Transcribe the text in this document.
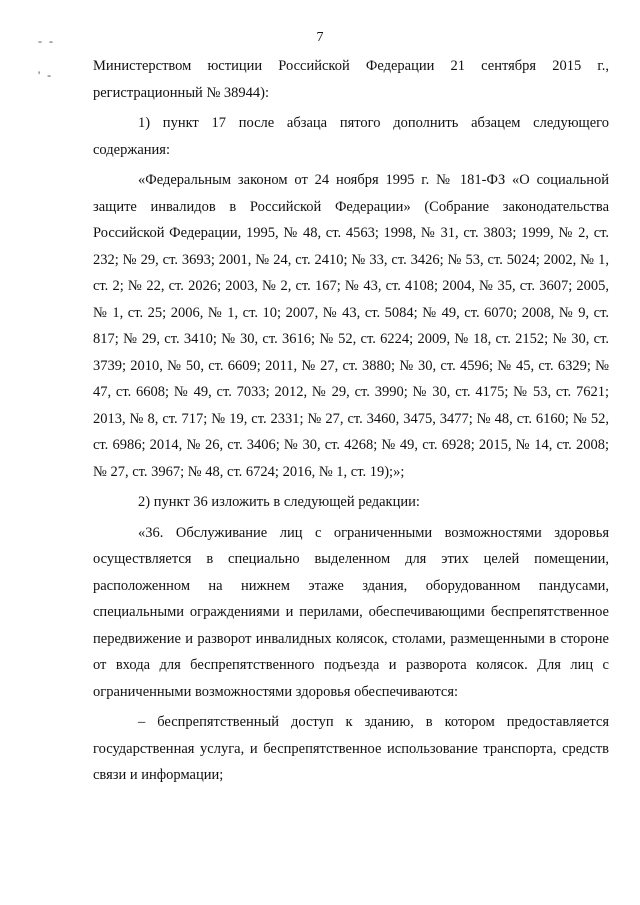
- -
' -
7

Министерством юстиции Российской Федерации 21 сентября 2015 г., регистрационный № 38944):

1) пункт 17 после абзаца пятого дополнить абзацем следующего содержания:

«Федеральным законом от 24 ноября 1995 г. № 181-ФЗ «О социальной защите инвалидов в Российской Федерации» (Собрание законодательства Российской Федерации, 1995, № 48, ст. 4563; 1998, № 31, ст. 3803; 1999, № 2, ст. 232; № 29, ст. 3693; 2001, № 24, ст. 2410; № 33, ст. 3426; № 53, ст. 5024; 2002, № 1, ст. 2; № 22, ст. 2026; 2003, № 2, ст. 167; № 43, ст. 4108; 2004, № 35, ст. 3607; 2005, № 1, ст. 25; 2006, № 1, ст. 10; 2007, № 43, ст. 5084; № 49, ст. 6070; 2008, № 9, ст. 817; № 29, ст. 3410; № 30, ст. 3616; № 52, ст. 6224; 2009, № 18, ст. 2152; № 30, ст. 3739; 2010, № 50, ст. 6609; 2011, № 27, ст. 3880; № 30, ст. 4596; № 45, ст. 6329; № 47, ст. 6608; № 49, ст. 7033; 2012, № 29, ст. 3990; № 30, ст. 4175; № 53, ст. 7621; 2013, № 8, ст. 717; № 19, ст. 2331; № 27, ст. 3460, 3475, 3477; № 48, ст. 6160; № 52, ст. 6986; 2014, № 26, ст. 3406; № 30, ст. 4268; № 49, ст. 6928; 2015, № 14, ст. 2008; № 27, ст. 3967; № 48, ст. 6724; 2016, № 1, ст. 19);»;

2) пункт 36 изложить в следующей редакции:

«36. Обслуживание лиц с ограниченными возможностями здоровья осуществляется в специально выделенном для этих целей помещении, расположенном на нижнем этаже здания, оборудованном пандусами, специальными ограждениями и перилами, обеспечивающими беспрепятственное передвижение и разворот инвалидных колясок, столами, размещенными в стороне от входа для беспрепятственного подъезда и разворота колясок. Для лиц с ограниченными возможностями здоровья обеспечиваются:

– беспрепятственный доступ к зданию, в котором предоставляется государственная услуга, и беспрепятственное использование транспорта, средств связи и информации;
